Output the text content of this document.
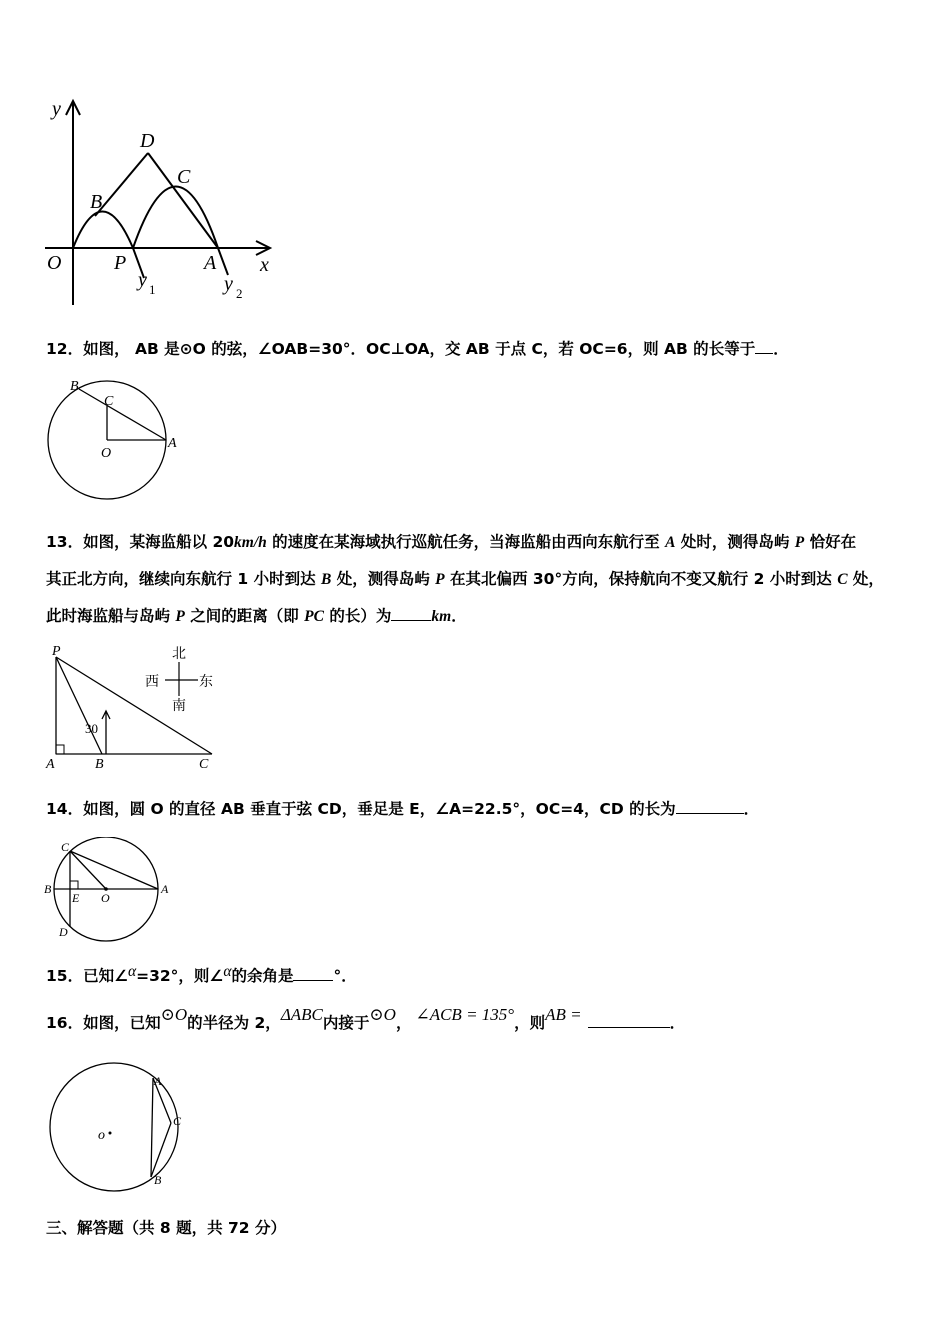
y
x
O
D
B
C
P	A
y 1	y 2
12．如图， AB 是⊙O 的弦，∠OAB=30°．OC⊥OA，交 AB 于点 C，若 OC=6，则 AB 的长等于 ．
B
C
O
A
13．如图，某海监船以 20km/h 的速度在某海域执行巡航任务，当海监船由西向东航行至 A 处时，测得岛屿 P 恰好在
其正北方向，继续向东航行 1 小时到达 B 处，测得岛屿 P 在其北偏西 30°方向，保持航向不变又航行 2 小时到达 C 处，
此时海监船与岛屿 P 之间的距离（即 PC 的长）为	km．
P
A	B	C
30
北
西	东
南
14．如图，圆 O 的直径 AB 垂直于弦 CD，垂足是 E，∠A=22.5°，OC=4，CD 的长为	．
C
B
E O
A
D
15．已知∠α=32°，则∠α的余角是	°．
16．如图，已知⊙O的半径为 2，ΔABC内接于⊙O， ∠ACB = 135°，则AB =	．
o
A
C
B
三、解答题（共 8 题，共 72 分）
